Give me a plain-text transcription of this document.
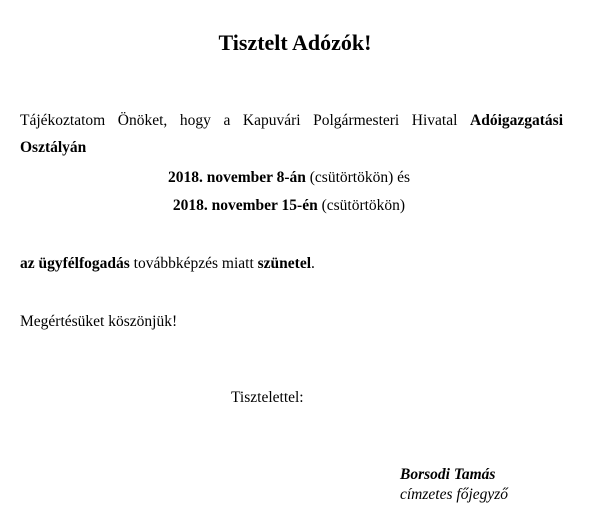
Tisztelt Adózók!

Tájékoztatom Önöket, hogy a Kapuvári Polgármesteri Hivatal Adóigazgatási Osztályán

2018. november 8-án (csütörtökön) és

2018. november 15-én (csütörtökön)

az ügyfélfogadás továbbképzés miatt szünetel.

Megértésüket köszönjük!

Tisztelettel:

Borsodi Tamás

címzetes főjegyző
